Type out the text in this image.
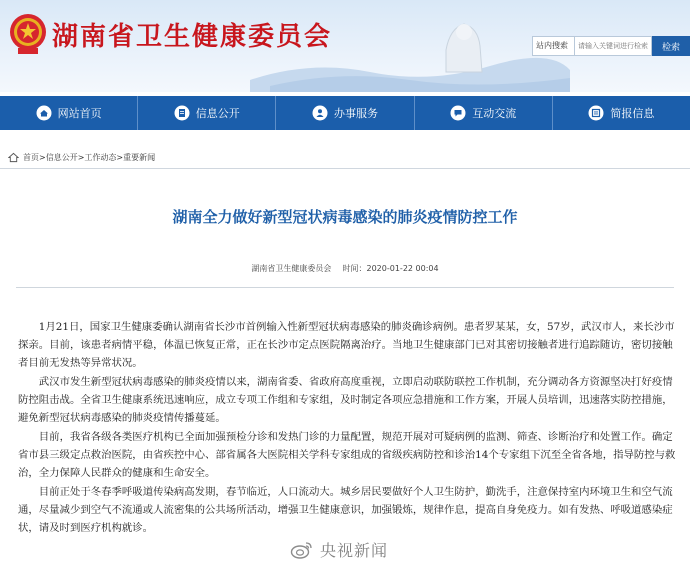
湖南省卫生健康委员会	站内搜索
请输入关键词进行检索	检索
网站首页	信息公开	办事服务	互动交流	简报信息
首页>信息公开>工作动态>重要新闻
湖南全力做好新型冠状病毒感染的肺炎疫情防控工作
湖南省卫生健康委员会 时间：2020-01-22 00:04

1月21日，国家卫生健康委确认湖南省长沙市首例输入性新型冠状病毒感染的肺炎确诊病例。患者罗某某，女，57岁，武汉市人，来长沙市探亲。目前，该患者病情平稳，体温已恢复正常，正在长沙市定点医院隔离治疗。当地卫生健康部门已对其密切接触者进行追踪随访，密切接触者目前无发热等异常状况。

武汉市发生新型冠状病毒感染的肺炎疫情以来，湖南省委、省政府高度重视，立即启动联防联控工作机制，充分调动各方资源坚决打好疫情防控阻击战。全省卫生健康系统迅速响应，成立专项工作组和专家组，及时制定各项应急措施和工作方案，开展人员培训，迅速落实防控措施，避免新型冠状病毒感染的肺炎疫情传播蔓延。

目前，我省各级各类医疗机构已全面加强预检分诊和发热门诊的力量配置，规范开展对可疑病例的监测、筛查、诊断治疗和处置工作。确定省市县三级定点救治医院，由省疾控中心、部省属各大医院相关学科专家组成的省级疾病防控和诊治14个专家组下沉至全省各地，指导防控与救治，全力保障人民群众的健康和生命安全。

目前正处于冬春季呼吸道传染病高发期，春节临近，人口流动大。城乡居民要做好个人卫生防护，勤洗手，注意保持室内环境卫生和空气流通，尽量减少到空气不流通或人流密集的公共场所活动，增强卫生健康意识，加强锻炼，规律作息，提高自身免疫力。如有发热、呼吸道感染症状，请及时到医疗机构就诊。

央视新闻
